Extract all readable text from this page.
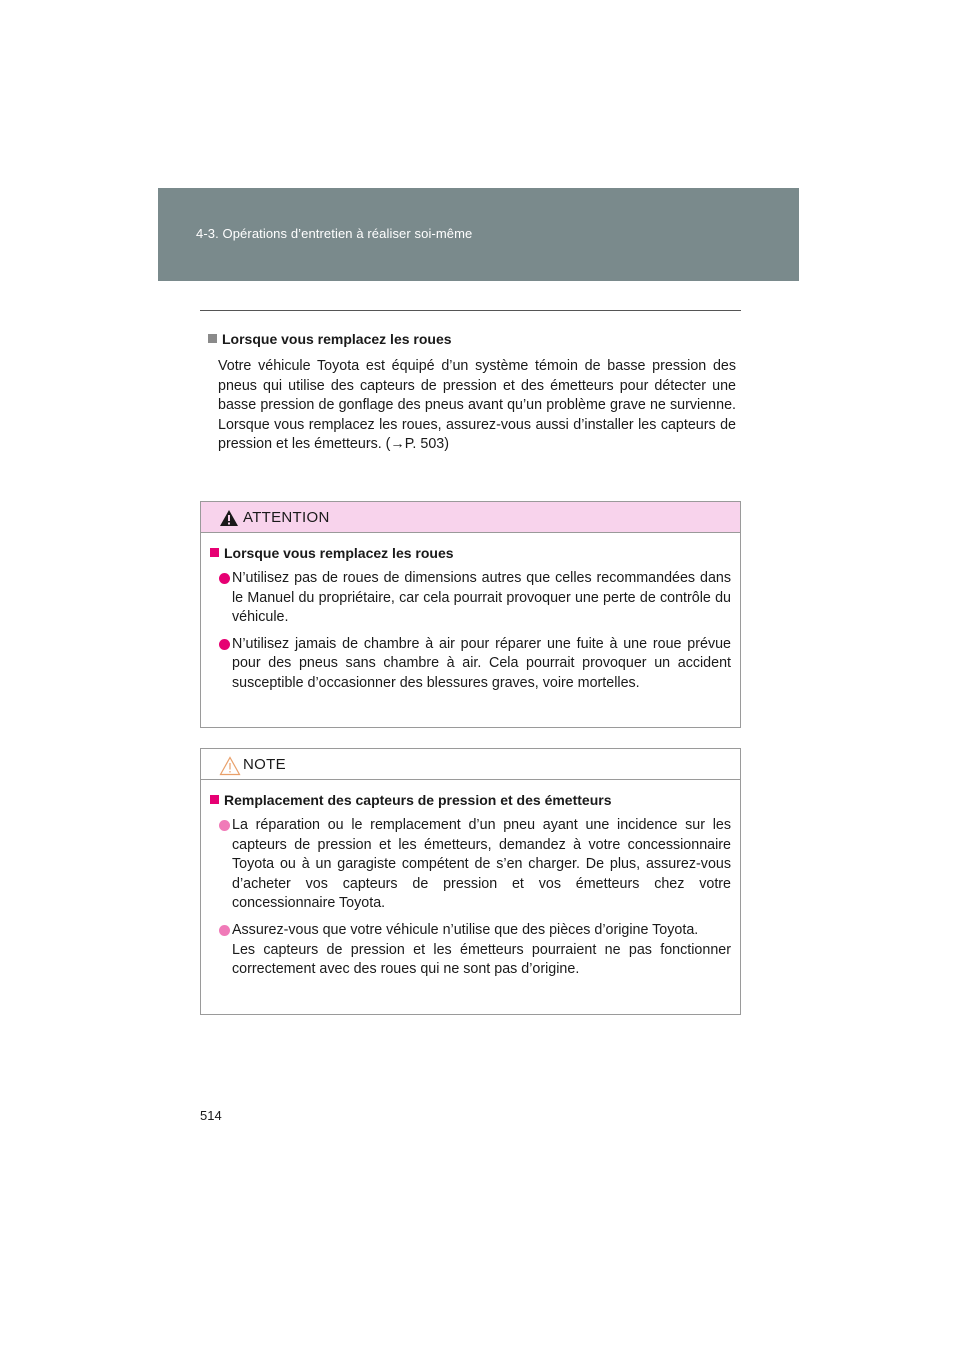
4-3. Opérations d’entretien à réaliser soi-même

Lorsque vous remplacez les roues

Votre véhicule Toyota est équipé d’un système témoin de basse pression des pneus qui utilise des capteurs de pression et des émetteurs pour détecter une basse pression de gonflage des pneus avant qu’un problème grave ne survienne. Lorsque vous remplacez les roues, assurez-vous aussi d’installer les capteurs de pression et les émetteurs. (→P. 503)

ATTENTION

Lorsque vous remplacez les roues

N’utilisez pas de roues de dimensions autres que celles recommandées dans le Manuel du propriétaire, car cela pourrait provoquer une perte de contrôle du véhicule.
N’utilisez jamais de chambre à air pour réparer une fuite à une roue prévue pour des pneus sans chambre à air. Cela pourrait provoquer un accident susceptible d’occasionner des blessures graves, voire mortelles.
NOTE

Remplacement des capteurs de pression et des émetteurs

La réparation ou le remplacement d’un pneu ayant une incidence sur les capteurs de pression et les émetteurs, demandez à votre concessionnaire Toyota ou à un garagiste compétent de s’en charger. De plus, assurez-vous d’acheter vos capteurs de pression et vos émetteurs chez votre concessionnaire Toyota.
Assurez-vous que votre véhicule n’utilise que des pièces d’origine Toyota.
Les capteurs de pression et les émetteurs pourraient ne pas fonctionner correctement avec des roues qui ne sont pas d’origine.
514
